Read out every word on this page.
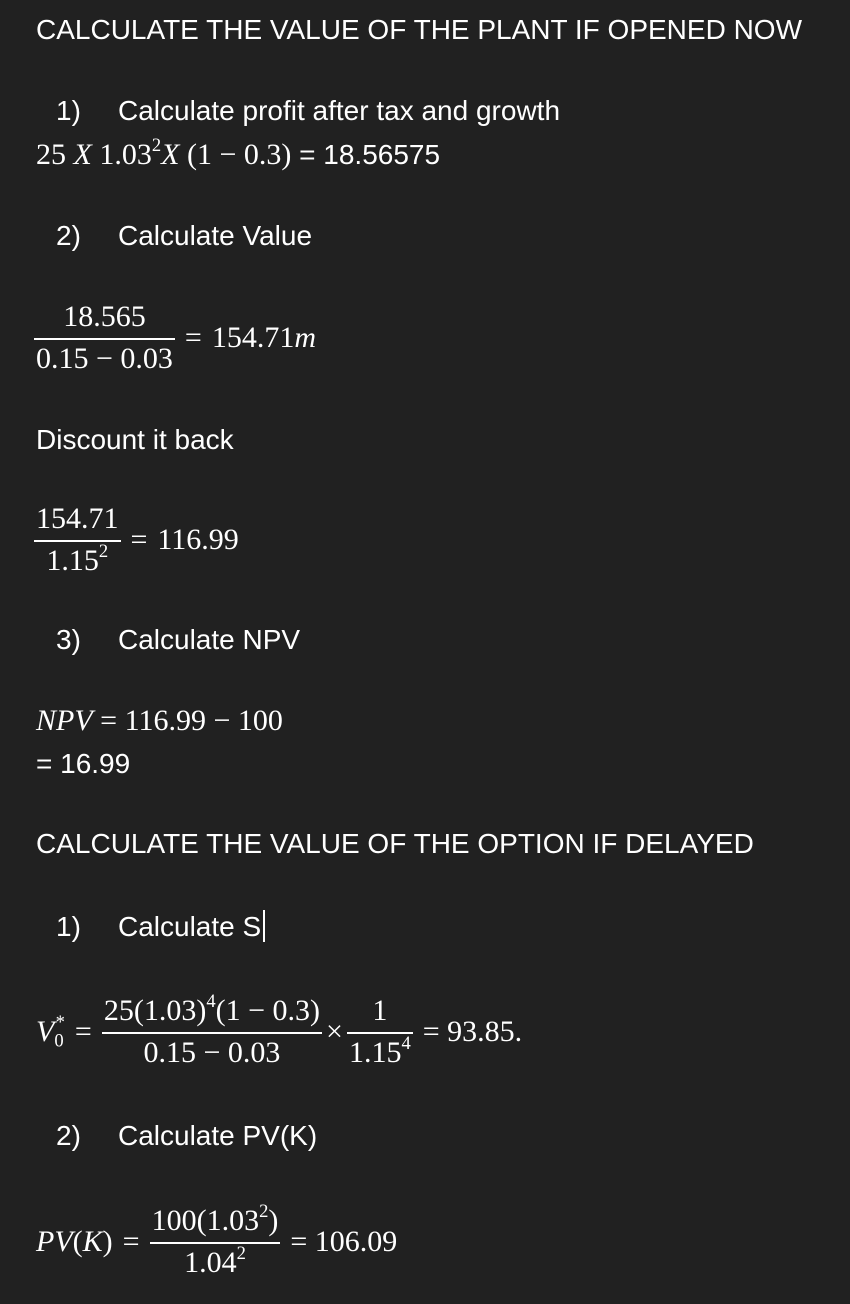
CALCULATE THE VALUE OF THE PLANT IF OPENED NOW
1) Calculate profit after tax and growth
25 X 1.03$^2$X (1 − 0.3) = 18.56575
2) Calculate Value
$\frac{18.565}{0.15 - 0.03} = 154.71$ m
Discount it back
$\frac{154.71}{1.15^2} = 116.99$
3) Calculate NPV
NPV = 116.99 − 100
= 16.99
CALCULATE THE VALUE OF THE OPTION IF DELAYED
1) Calculate S
$V_0^* = \frac{25(1.03)^4(1 - 0.3)}{0.15 - 0.03} \times \frac{1}{1.15^4} = 93.85$.
2) Calculate PV(K)
$PV(K) = \frac{100(1.03^2)}{1.04^2} = 106.09$
